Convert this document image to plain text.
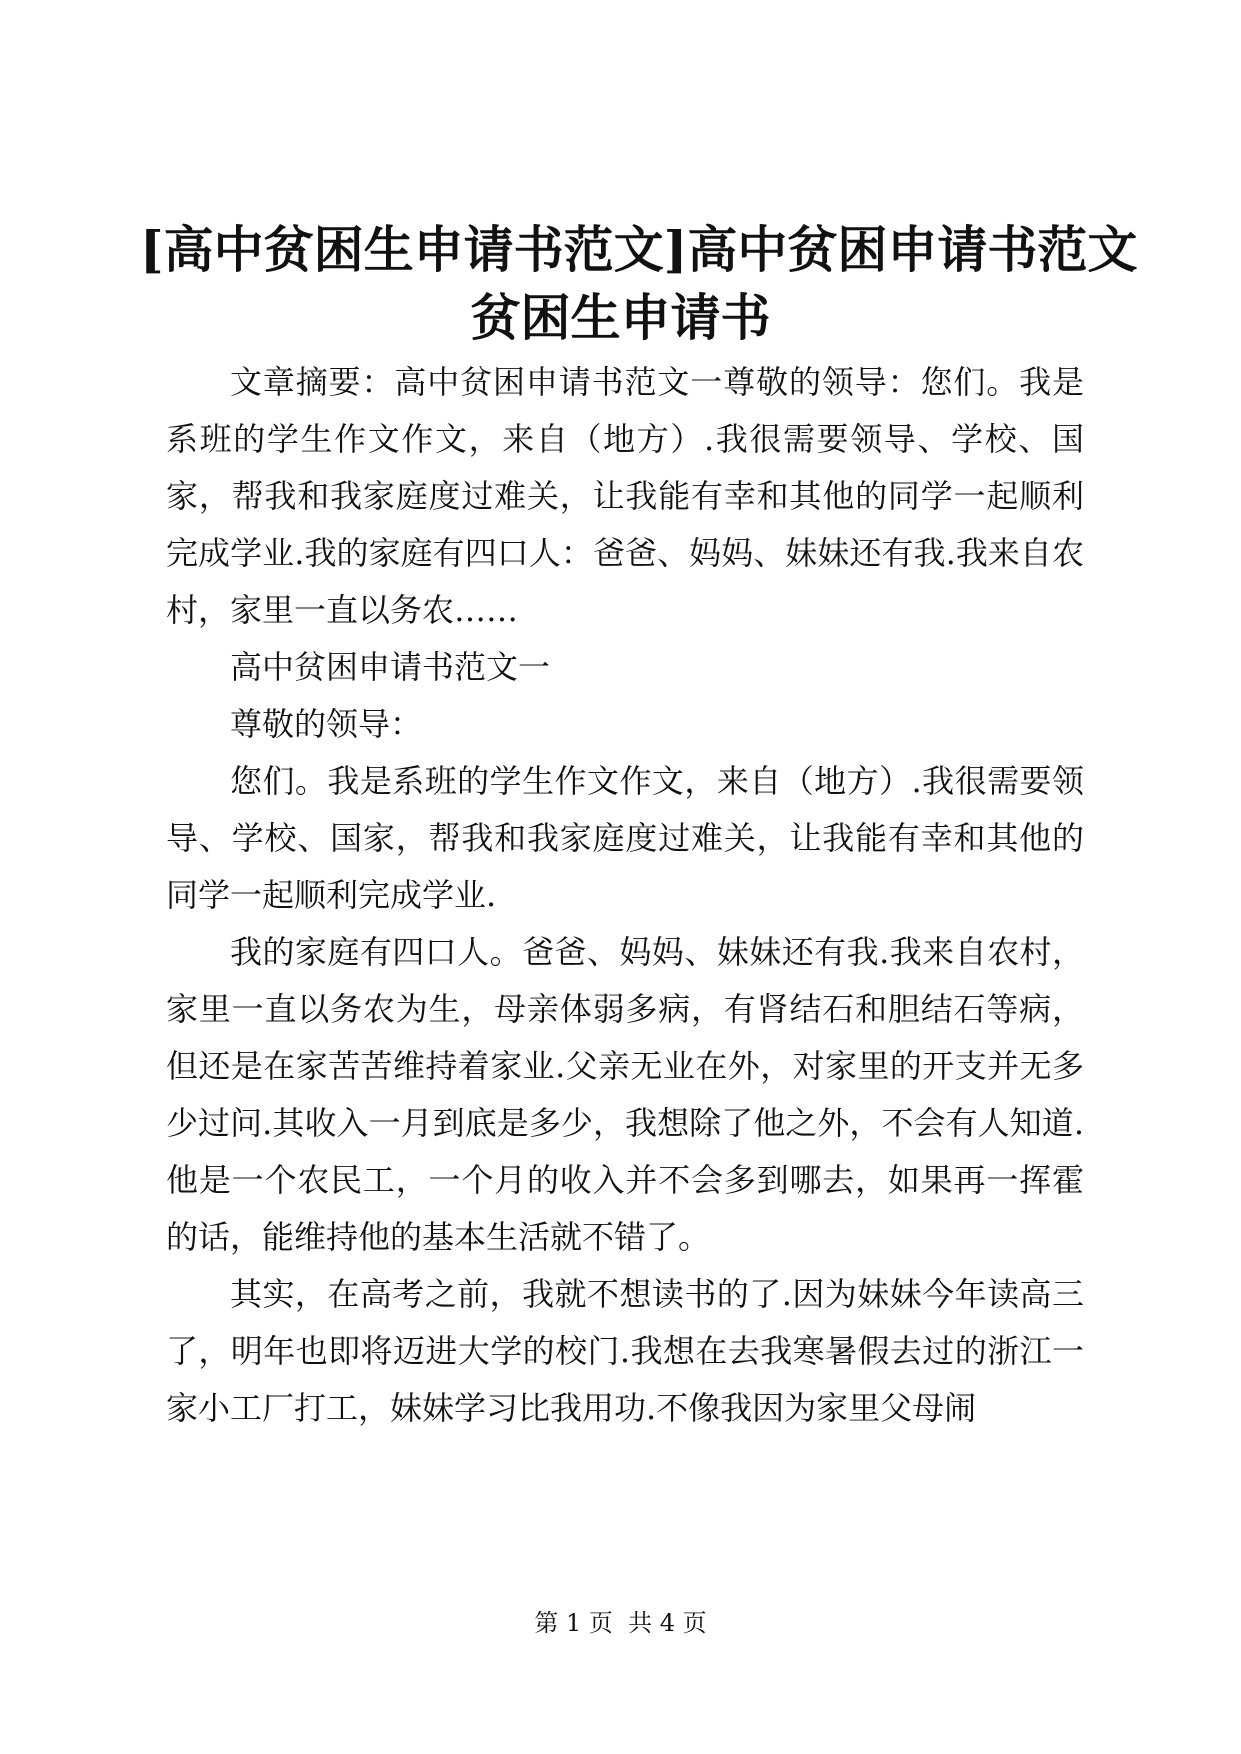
[高中贫困生申请书范文]高中贫困申请书范文
贫困生申请书

文章摘要：高中贫困申请书范文一尊敬的领导：您们。我是系班的学生作文作文，来自（地方）.我很需要领导、学校、国家，帮我和我家庭度过难关，让我能有幸和其他的同学一起顺利完成学业.我的家庭有四口人：爸爸、妈妈、妹妹还有我.我来自农村，家里一直以务农……

高中贫困申请书范文一

尊敬的领导：

您们。我是系班的学生作文作文，来自（地方）.我很需要领导、学校、国家，帮我和我家庭度过难关，让我能有幸和其他的同学一起顺利完成学业.

我的家庭有四口人。爸爸、妈妈、妹妹还有我.我来自农村，家里一直以务农为生，母亲体弱多病，有肾结石和胆结石等病，但还是在家苦苦维持着家业.父亲无业在外，对家里的开支并无多少过问.其收入一月到底是多少，我想除了他之外，不会有人知道.他是一个农民工，一个月的收入并不会多到哪去，如果再一挥霍的话，能维持他的基本生活就不错了。

其实，在高考之前，我就不想读书的了.因为妹妹今年读高三了，明年也即将迈进大学的校门.我想在去我寒暑假去过的浙江一家小工厂打工，妹妹学习比我用功.不像我因为家里父母闹

第 1 页  共 4 页
